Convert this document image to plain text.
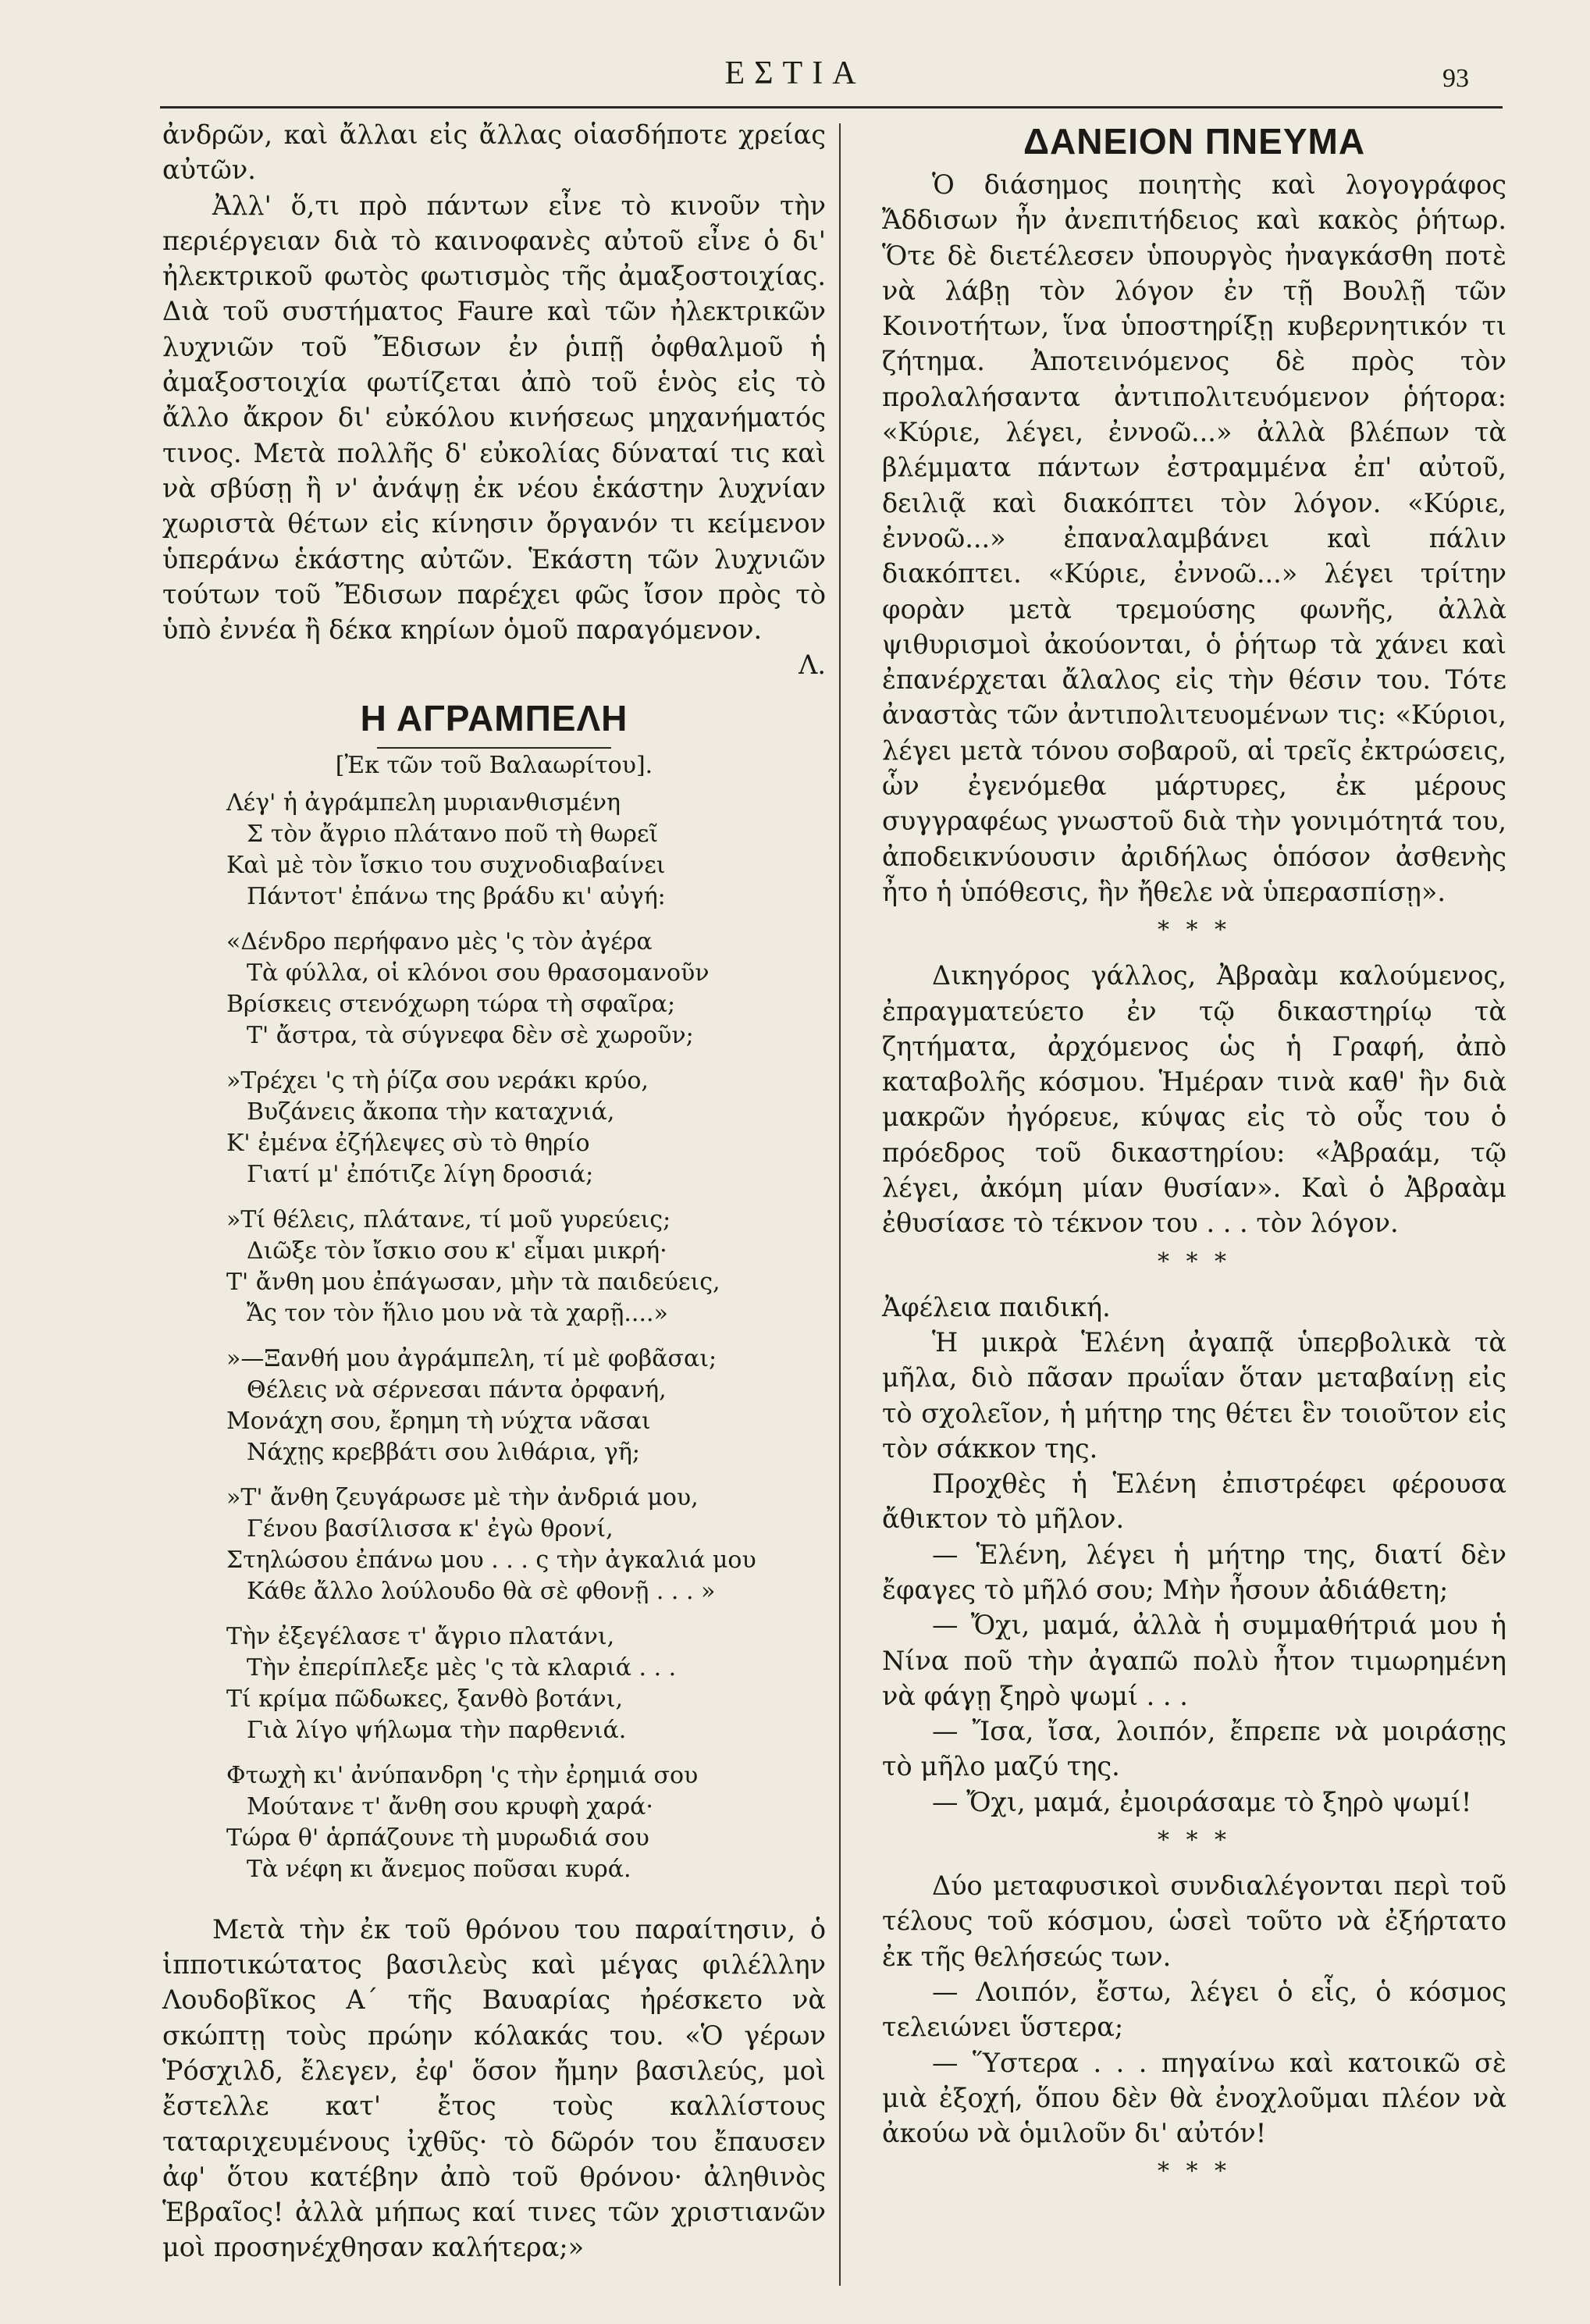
ΕΣΤΙΑ	93

ἀνδρῶν, καὶ ἄλλαι εἰς ἄλλας οἱασδήποτε χρείας αὐτῶν.

Ἀλλ' ὅ,τι πρὸ πάντων εἶνε τὸ κινοῦν τὴν περιέργειαν διὰ τὸ καινοφανὲς αὐτοῦ εἶνε ὁ δι' ἠλεκτρικοῦ φωτὸς φωτισμὸς τῆς ἀμαξοστοιχίας. Διὰ τοῦ συστήματος Faure καὶ τῶν ἠλεκτρικῶν λυχνιῶν τοῦ Ἔδισων ἐν ῥιπῇ ὀφθαλμοῦ ἡ ἀμαξοστοιχία φωτίζεται ἀπὸ τοῦ ἑνὸς εἰς τὸ ἄλλο ἄκρον δι' εὐκόλου κινήσεως μηχανήματός τινος. Μετὰ πολλῆς δ' εὐκολίας δύναταί τις καὶ νὰ σβύσῃ ἢ ν' ἀνάψῃ ἐκ νέου ἑκάστην λυχνίαν χωριστὰ θέτων εἰς κίνησιν ὄργανόν τι κείμενον ὑπεράνω ἑκάστης αὐτῶν. Ἑκάστη τῶν λυχνιῶν τούτων τοῦ Ἔδισων παρέχει φῶς ἴσον πρὸς τὸ ὑπὸ ἐννέα ἢ δέκα κηρίων ὁμοῦ παραγόμενον.

Λ.

Η ΑΓΡΑΜΠΕΛΗ
[Ἐκ τῶν τοῦ Βαλαωρίτου].
Λέγ' ἡ ἀγράμπελη μυριανθισμένη
Σ τὸν ἄγριο πλάτανο ποῦ τὴ θωρεῖ
Καὶ μὲ τὸν ἴσκιο του συχνοδιαβαίνει
Πάντοτ' ἐπάνω της βράδυ κι' αὐγή:
«Δένδρο περήφανο μὲς 'ς τὸν ἀγέρα
Τὰ φύλλα, οἱ κλόνοι σου θρασομανοῦν
Βρίσκεις στενόχωρη τώρα τὴ σφαῖρα;
Τ' ἄστρα, τὰ σύγνεφα δὲν σὲ χωροῦν;
»Τρέχει 'ς τὴ ῥίζα σου νεράκι κρύο,
Βυζάνεις ἄκοπα τὴν καταχνιά,
Κ' ἐμένα ἐζήλεψες σὺ τὸ θηρίο
Γιατί μ' ἐπότιζε λίγη δροσιά;
»Τί θέλεις, πλάτανε, τί μοῦ γυρεύεις;
Διῶξε τὸν ἴσκιο σου κ' εἶμαι μικρή·
Τ' ἄνθη μου ἐπάγωσαν, μὴν τὰ παιδεύεις,
Ἄς τον τὸν ἥλιο μου νὰ τὰ χαρῇ....»
»—Ξανθή μου ἀγράμπελη, τί μὲ φοβᾶσαι;
Θέλεις νὰ σέρνεσαι πάντα ὀρφανή,
Μονάχη σου, ἔρημη τὴ νύχτα νᾶσαι
Νάχῃς κρεββάτι σου λιθάρια, γῆ;
»Τ' ἄνθη ζευγάρωσε μὲ τὴν ἀνδριά μου,
Γένου βασίλισσα κ' ἐγὼ θρονί,
Στηλώσου ἐπάνω μου . . . ς τὴν ἀγκαλιά μου
Κάθε ἄλλο λούλουδο θὰ σὲ φθονῇ . . . »
Τὴν ἐξεγέλασε τ' ἄγριο πλατάνι,
Τὴν ἐπερίπλεξε μὲς 'ς τὰ κλαριά . . .
Τί κρίμα πῶδωκες, ξανθὸ βοτάνι,
Γιὰ λίγο ψήλωμα τὴν παρθενιά.
Φτωχὴ κι' ἀνύπανδρη 'ς τὴν ἐρημιά σου
Μούτανε τ' ἄνθη σου κρυφὴ χαρά·
Τώρα θ' ἁρπάζουνε τὴ μυρωδιά σου
Τὰ νέφη κι ἄνεμος ποῦσαι κυρά.

Μετὰ τὴν ἐκ τοῦ θρόνου του παραίτησιν, ὁ ἱπποτικώτατος βασιλεὺς καὶ μέγας φιλέλλην Λουδοβῖκος Α΄ τῆς Βαυαρίας ἠρέσκετο νὰ σκώπτῃ τοὺς πρώην κόλακάς του. «Ὁ γέρων Ῥόσχιλδ, ἔλεγεν, ἐφ' ὅσον ἤμην βασιλεύς, μοὶ ἔστελλε κατ' ἔτος τοὺς καλλίστους ταταριχευμένους ἰχθῦς· τὸ δῶρόν του ἔπαυσεν ἀφ' ὅτου κατέβην ἀπὸ τοῦ θρόνου· ἀληθινὸς Ἑβραῖος! ἀλλὰ μήπως καί τινες τῶν χριστιανῶν μοὶ προσηνέχθησαν καλήτερα;»

ΔΑΝΕΙΟΝ ΠΝΕΥΜΑ

Ὁ διάσημος ποιητὴς καὶ λογογράφος Ἄδδισων ἦν ἀνεπιτήδειος καὶ κακὸς ῥήτωρ. Ὅτε δὲ διετέλεσεν ὑπουργὸς ἠναγκάσθη ποτὲ νὰ λάβῃ τὸν λόγον ἐν τῇ Βουλῇ τῶν Κοινοτήτων, ἵνα ὑποστηρίξῃ κυβερνητικόν τι ζήτημα. Ἀποτεινόμενος δὲ πρὸς τὸν προλαλήσαντα ἀντιπολιτευόμενον ῥήτορα: «Κύριε, λέγει, ἐννοῶ...» ἀλλὰ βλέπων τὰ βλέμματα πάντων ἐστραμμένα ἐπ' αὐτοῦ, δειλιᾷ καὶ διακόπτει τὸν λόγον. «Κύριε, ἐννοῶ...» ἐπαναλαμβάνει καὶ πάλιν διακόπτει. «Κύριε, ἐννοῶ...» λέγει τρίτην φορὰν μετὰ τρεμούσης φωνῆς, ἀλλὰ ψιθυρισμοὶ ἀκούονται, ὁ ῥήτωρ τὰ χάνει καὶ ἐπανέρχεται ἄλαλος εἰς τὴν θέσιν του. Τότε ἀναστὰς τῶν ἀντιπολιτευομένων τις: «Κύριοι, λέγει μετὰ τόνου σοβαροῦ, αἱ τρεῖς ἐκτρώσεις, ὧν ἐγενόμεθα μάρτυρες, ἐκ μέρους συγγραφέως γνωστοῦ διὰ τὴν γονιμότητά του, ἀποδεικνύουσιν ἀριδήλως ὁπόσον ἀσθενὴς ἦτο ἡ ὑπόθεσις, ἣν ἤθελε νὰ ὑπερασπίσῃ».

* * *

Δικηγόρος γάλλος, Ἀβραὰμ καλούμενος, ἐπραγματεύετο ἐν τῷ δικαστηρίῳ τὰ ζητήματα, ἀρχόμενος ὡς ἡ Γραφή, ἀπὸ καταβολῆς κόσμου. Ἡμέραν τινὰ καθ' ἣν διὰ μακρῶν ἠγόρευε, κύψας εἰς τὸ οὖς του ὁ πρόεδρος τοῦ δικαστηρίου: «Ἀβραάμ, τῷ λέγει, ἀκόμη μίαν θυσίαν». Καὶ ὁ Ἀβραὰμ ἐθυσίασε τὸ τέκνον του . . . τὸν λόγον.

* * *

Ἀφέλεια παιδική.

Ἡ μικρὰ Ἑλένη ἀγαπᾷ ὑπερβολικὰ τὰ μῆλα, διὸ πᾶσαν πρωΐαν ὅταν μεταβαίνῃ εἰς τὸ σχολεῖον, ἡ μήτηρ της θέτει ἓν τοιοῦτον εἰς τὸν σάκκον της.

Προχθὲς ἡ Ἑλένη ἐπιστρέφει φέρουσα ἄθικτον τὸ μῆλον.

— Ἑλένη, λέγει ἡ μήτηρ της, διατί δὲν ἔφαγες τὸ μῆλό σου; Μὴν ἦσουν ἀδιάθετη;

— Ὄχι, μαμά, ἀλλὰ ἡ συμμαθήτριά μου ἡ Νίνα ποῦ τὴν ἀγαπῶ πολὺ ἦτον τιμωρημένη νὰ φάγῃ ξηρὸ ψωμί . . .

— Ἴσα, ἴσα, λοιπόν, ἔπρεπε νὰ μοιράσῃς τὸ μῆλο μαζύ της.

— Ὄχι, μαμά, ἐμοιράσαμε τὸ ξηρὸ ψωμί!

* * *

Δύο μεταφυσικοὶ συνδιαλέγονται περὶ τοῦ τέλους τοῦ κόσμου, ὡσεὶ τοῦτο νὰ ἐξήρτατο ἐκ τῆς θελήσεώς των.

— Λοιπόν, ἔστω, λέγει ὁ εἷς, ὁ κόσμος τελειώνει ὕστερα;

— Ὕστερα . . . πηγαίνω καὶ κατοικῶ σὲ μιὰ ἐξοχή, ὅπου δὲν θὰ ἐνοχλοῦμαι πλέον νὰ ἀκούω νὰ ὁμιλοῦν δι' αὐτόν!

* * *
